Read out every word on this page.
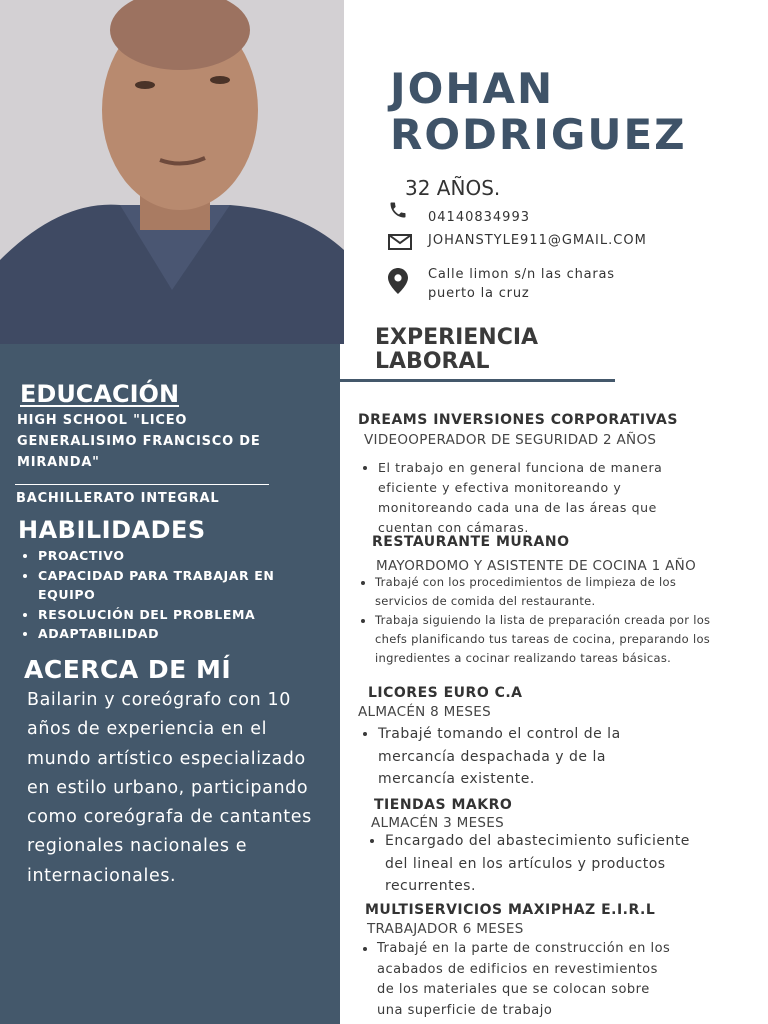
JOHAN
RODRIGUEZ
32 AÑOS.
04140834993
JOHANSTYLE911@GMAIL.COM
Calle limon s/n las charas
puerto la cruz
EXPERIENCIA
LABORAL
DREAMS INVERSIONES CORPORATIVAS
VIDEOOPERADOR DE SEGURIDAD 2 AÑOS
• El trabajo en general funciona de manera eficiente y efectiva monitoreando y monitoreando cada una de las áreas que cuentan con cámaras.
RESTAURANTE MURANO
MAYORDOMO Y ASISTENTE DE COCINA 1 AÑO
• Trabajé con los procedimientos de limpieza de los servicios de comida del restaurante.
• Trabaja siguiendo la lista de preparación creada por los chefs planificando tus tareas de cocina, preparando los ingredientes a cocinar realizando tareas básicas.
LICORES EURO C.A
ALMACÉN 8 MESES
• Trabajé tomando el control de la mercancía despachada y de la mercancía existente.
TIENDAS MAKRO
ALMACÉN 3 MESES
• Encargado del abastecimiento suficiente del lineal en los artículos y productos recurrentes.
MULTISERVICIOS MAXIPHAZ E.I.R.L
TRABAJADOR 6 MESES
• Trabajé en la parte de construcción en los acabados de edificios en revestimientos de los materiales que se colocan sobre una superficie de trabajo
EDUCACIÓN
HIGH SCHOOL "LICEO GENERALISIMO FRANCISCO DE MIRANDA"
BACHILLERATO INTEGRAL
HABILIDADES
• PROACTIVO
• CAPACIDAD PARA TRABAJAR EN EQUIPO
• RESOLUCIÓN DEL PROBLEMA
• ADAPTABILIDAD
ACERCA DE MÍ
Bailarin y coreógrafo con 10 años de experiencia en el mundo artístico especializado en estilo urbano, participando como coreógrafa de cantantes regionales nacionales e internacionales.
